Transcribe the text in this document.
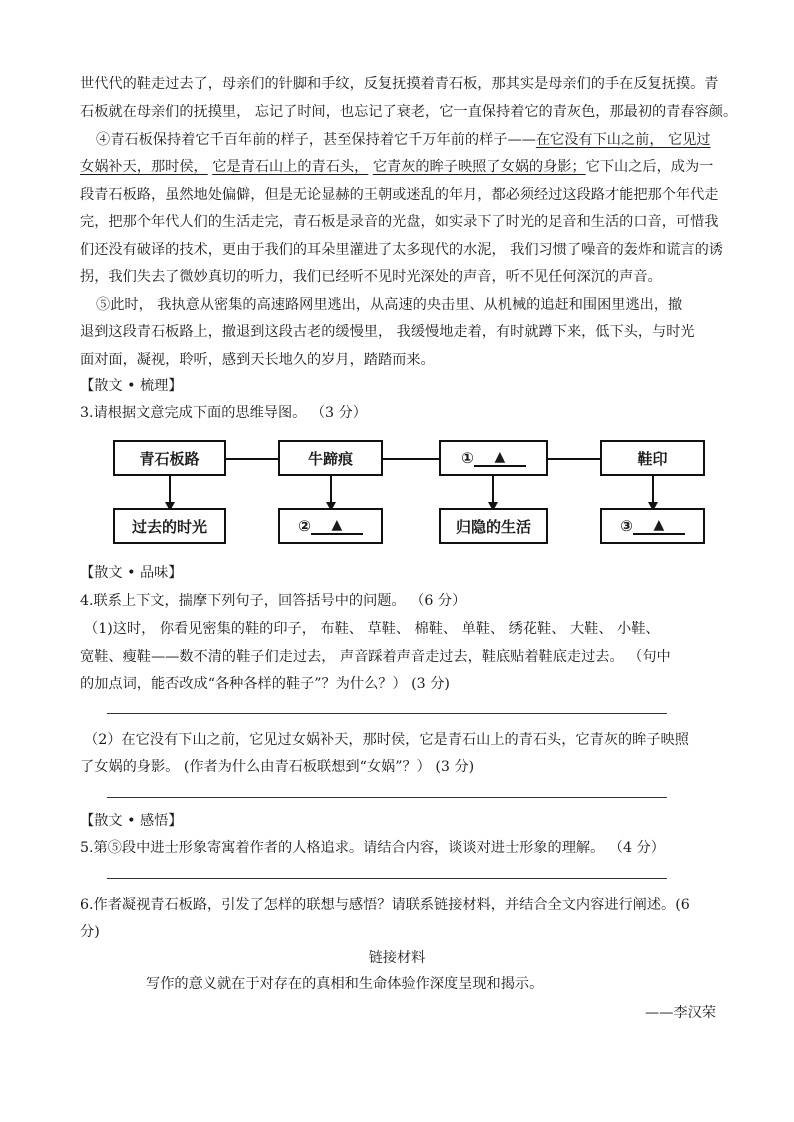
世代代的鞋走过去了，母亲们的针脚和手纹，反复抚摸着青石板，那其实是母亲们的手在反复抚摸。青
石板就在母亲们的抚摸里， 忘记了时间，也忘记了衰老，它一直保持着它的青灰色，那最初的青春容颜。
④青石板保持着它千百年前的样子，甚至保持着它千万年前的样子——在它没有下山之前， 它见过
女娲补天，那时侯， 它是青石山上的青石头， 它青灰的眸子映照了女娲的身影；它下山之后，成为一
段青石板路，虽然地处偏僻，但是无论显赫的王朝或迷乱的年月，都必须经过这段路才能把那个年代走
完，把那个年代人们的生活走完，青石板是录音的光盘，如实录下了时光的足音和生活的口音，可惜我
们还没有破译的技术，更由于我们的耳朵里灌进了太多现代的水泥， 我们习惯了噪音的轰炸和谎言的诱
拐，我们失去了微妙真切的听力，我们已经听不见时光深处的声音，听不见任何深沉的声音。
⑤此时， 我执意从密集的高速路网里逃出，从高速的央击里、从机械的追赶和围困里逃出，撤
退到这段青石板路上，撤退到这段古老的缓慢里， 我缓慢地走着，有时就蹲下来，低下头，与时光
面对面，凝视，聆听，感到天长地久的岁月，踏踏而来。
【散文 • 梳理】
3.请根据文意完成下面的思维导图。 （3 分）
青石板路	牛蹄痕	①	▲	鞋印
过去的时光	②	▲	归隐的生活	③	▲
【散文 • 品味】
4.联系上下文，揣摩下列句子，回答括号中的问题。 （6 分）
（1)这时， 你看见密集的鞋的印子， 布鞋、 草鞋、 棉鞋、 单鞋、 绣花鞋、 大鞋、 小鞋、
宽鞋、瘦鞋——数不清的鞋子们走过去， 声音踩着声音走过去，鞋底贴着鞋底走过去。 （句中
的加点词，能否改成“各种各样的鞋子”？为什么？） (3 分)
（2）在它没有下山之前，它见过女娲补天，那时侯，它是青石山上的青石头，它青灰的眸子映照
了女娲的身影。 (作者为什么由青石板联想到“女娲”？） (3 分)
【散文 • 感悟】
5.第⑤段中进士形象寄寓着作者的人格追求。请结合内容，谈谈对进士形象的理解。 （4 分）
6.作者凝视青石板路，引发了怎样的联想与感悟？请联系链接材料，并结合全文内容进行阐述。(6
分)
链接材料
写作的意义就在于对存在的真相和生命体验作深度呈现和揭示。
——李汉荣
